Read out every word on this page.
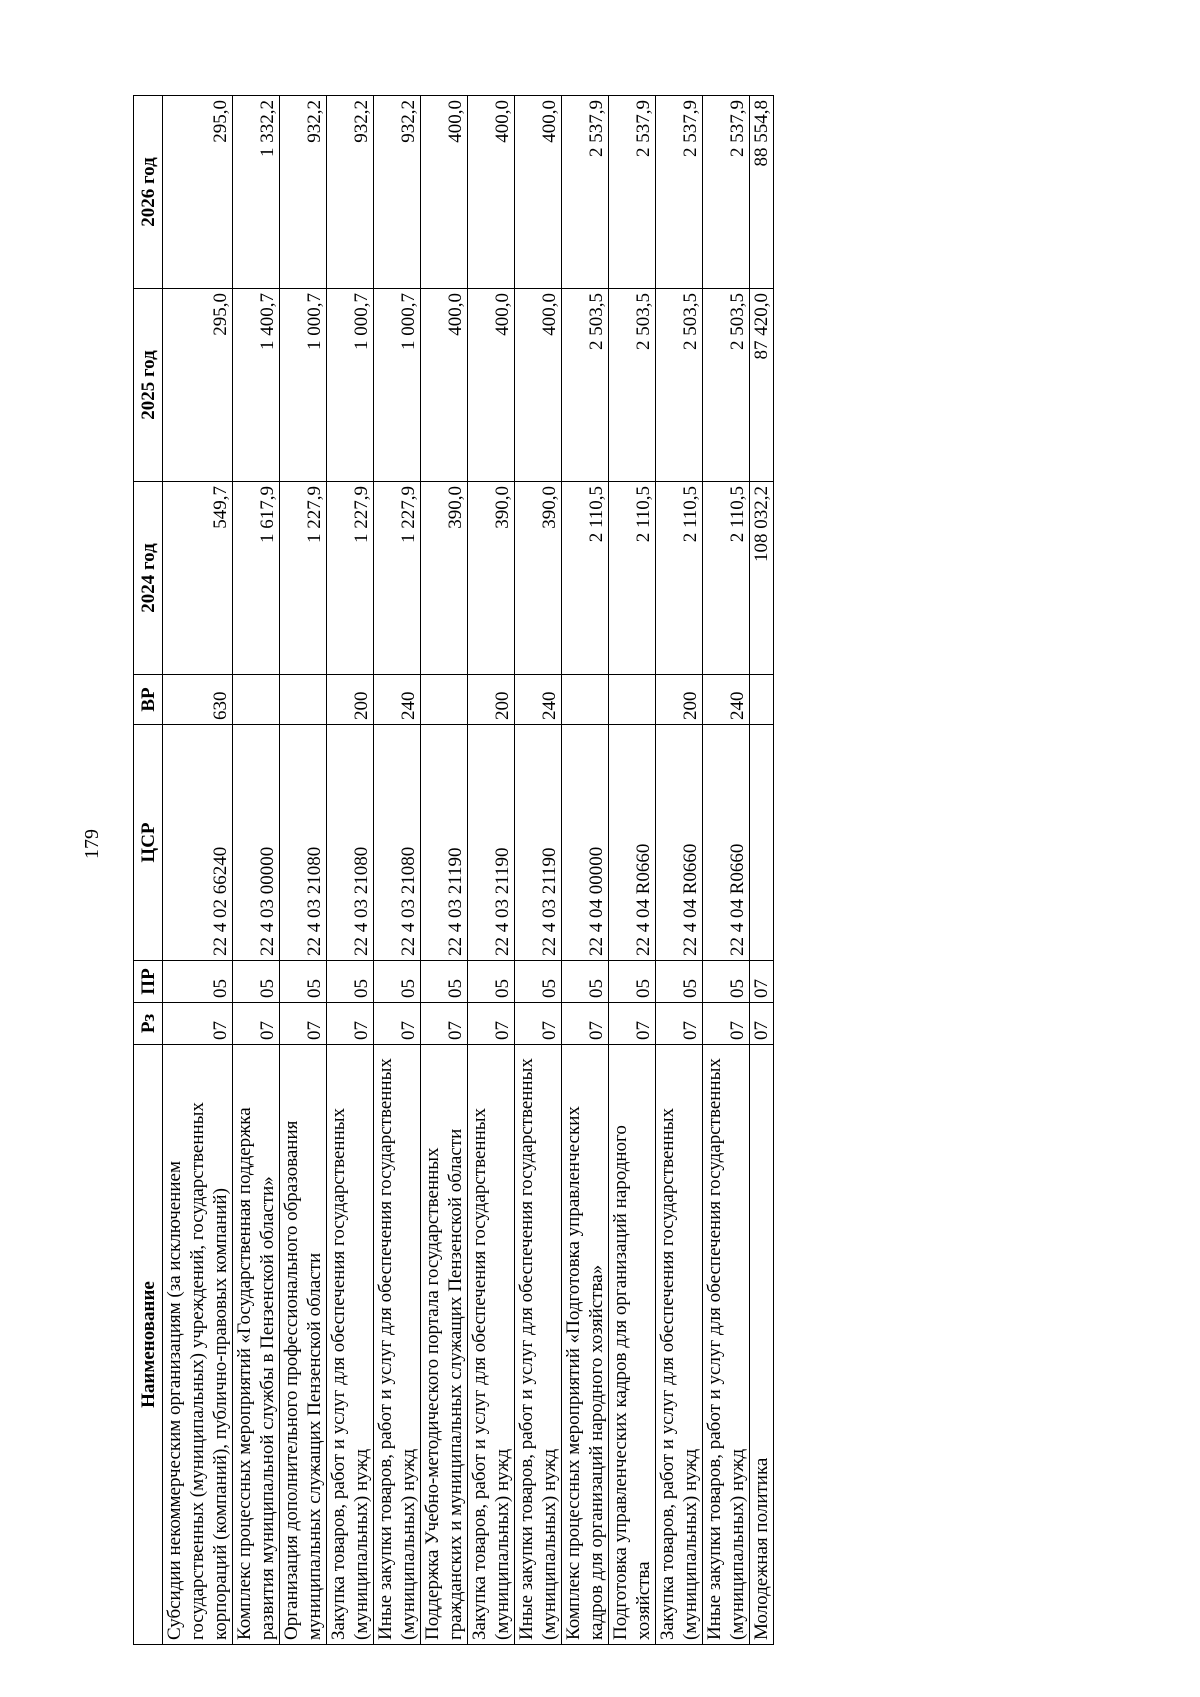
179
Наименование	Рз	ПР	ЦСР	ВР	2024 год	2025 год	2026 год
Субсидии некоммерческим организациям (за исключением государственных (муниципальных) учреждений, государственных корпораций (компаний), публично-правовых компаний)	07	05	22 4 02 66240	630	549,7	295,0	295,0
Комплекс процессных мероприятий «Государственная поддержка развития муниципальной службы в Пензенской области»	07	05	22 4 03 00000		1 617,9	1 400,7	1 332,2
Организация дополнительного профессионального образования муниципальных служащих Пензенской области	07	05	22 4 03 21080		1 227,9	1 000,7	932,2
Закупка товаров, работ и услуг для обеспечения государственных (муниципальных) нужд	07	05	22 4 03 21080	200	1 227,9	1 000,7	932,2
Иные закупки товаров, работ и услуг для обеспечения государственных (муниципальных) нужд	07	05	22 4 03 21080	240	1 227,9	1 000,7	932,2
Поддержка Учебно-методического портала государственных гражданских и муниципальных служащих Пензенской области	07	05	22 4 03 21190		390,0	400,0	400,0
Закупка товаров, работ и услуг для обеспечения государственных (муниципальных) нужд	07	05	22 4 03 21190	200	390,0	400,0	400,0
Иные закупки товаров, работ и услуг для обеспечения государственных (муниципальных) нужд	07	05	22 4 03 21190	240	390,0	400,0	400,0
Комплекс процессных мероприятий «Подготовка управленческих кадров для организаций народного хозяйства»	07	05	22 4 04 00000		2 110,5	2 503,5	2 537,9
Подготовка управленческих кадров для организаций народного хозяйства	07	05	22 4 04 R0660		2 110,5	2 503,5	2 537,9
Закупка товаров, работ и услуг для обеспечения государственных (муниципальных) нужд	07	05	22 4 04 R0660	200	2 110,5	2 503,5	2 537,9
Иные закупки товаров, работ и услуг для обеспечения государственных (муниципальных) нужд	07	05	22 4 04 R0660	240	2 110,5	2 503,5	2 537,9
Молодежная политика	07	07			108 032,2	87 420,0	88 554,8
